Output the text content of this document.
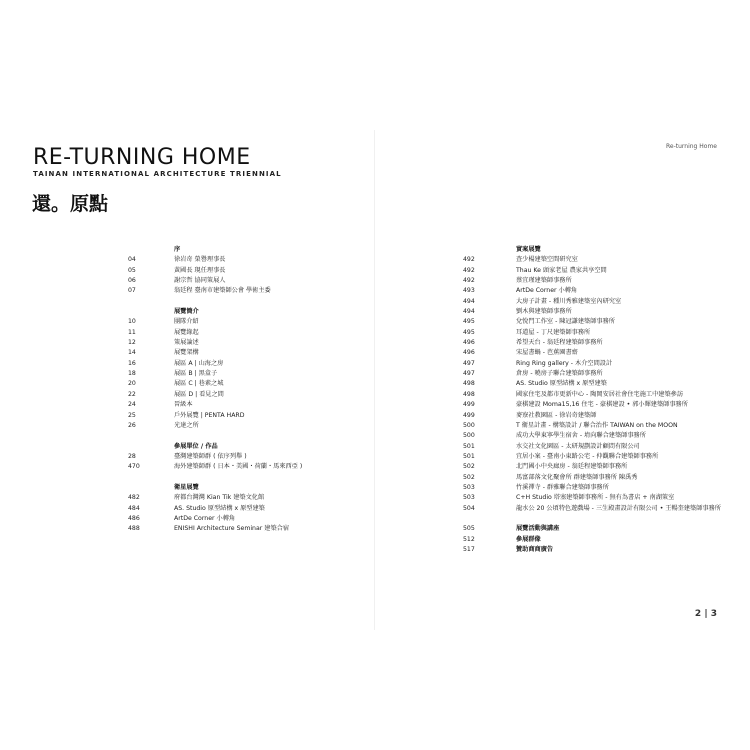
RE-TURNING HOME
TAINAN INTERNATIONAL ARCHITECTURE TRIENNIAL
還。原點
序
04	徐岩奇 榮譽理事長
05	黃國長 現任理事長
06	謝宗哲 協同策展人
07	翁廷程 臺南市建築師公會 學術主委
展覽簡介
10	團隊介紹
11	展覽緣起
12	策展論述
14	展覽架構
16	展區 A | 山海之房
18	展區 B | 黑盒子
20	展區 C | 巷素之城
22	展區 D | 看見之間
24	晉級本
25	戶外展覽 | PENTA HARD
26	光達之所
參展單位 / 作品
28	臺灣建築師群 ( 依序列舉 )
470	海外建築師群 ( 日本・美國・荷蘭・馬來西亞 )
衛星展覽
482	府都台灣灣 Kian Tik 建築文化館
484	AS. Studio 原型結構 x 原型建築
486	ArtDe Corner 小轉角
488	ENISHI Architecture Seminar 建築合宿
Re-turning Home
實案展覽
492	查少楊建築空間研究室
492	Thau Ke 頭家老屋 農家共享空間
492	蔡宜瑾建築師事務所
493	ArtDe Corner 小轉角
494	大房子計畫 - 種川秀雅建築室內研究室
494	劉木與建築師事務所
495	兌悅門工作室 - 陳冠謙建築師事務所
495	耳道屋 - 丁尺建築師事務所
496	希望天台 - 翁廷程建築師事務所
496	宋屋書蝸 - 芭蕉園書齋
497	Ring Ring gallery - 木介空間設計
497	倉房 - 曉房子聯合建築師事務所
498	AS. Studio 原型結構 x 原型建築
498	國家住宅及都市更新中心 - 陶岡安居社會住宅施工中建築參訪
499	豪棋建設 Moma15,16 住宅 - 豪棋建設 • 郭小輝建築師事務所
499	麥寮社教園區 - 徐岩奇建築師
500	T 衛星計畫 - 構築設計 / 聯合治作 TAIWAN on the MOON
500	成功大學東寧學生宿舍 - 堉向聯合建築師事務所
501	水交社文化園區 - 太研規劃設計顧問有限公司
501	宜居小案 - 臺南小東路公宅 - 仲觀聯合建築師事務所
502	北門國小中央廊房 - 翁廷程建築師事務所
502	馬富部落文化聚會所 群建築師事務所 陳禹秀
503	竹溪禪寺 - 群雅聯合建築師事務所
503	C+H Studio 塔塞建築師事務所 - 無有為書店 + 南湖策室
504	龍水公 20 公頃特色遊戲場 - 三生殿畫設計有限公司 • 王暢奎建築師事務所
505	展覽活動與講座
512	參展群像
517	贊助商商廣告
2 | 3
